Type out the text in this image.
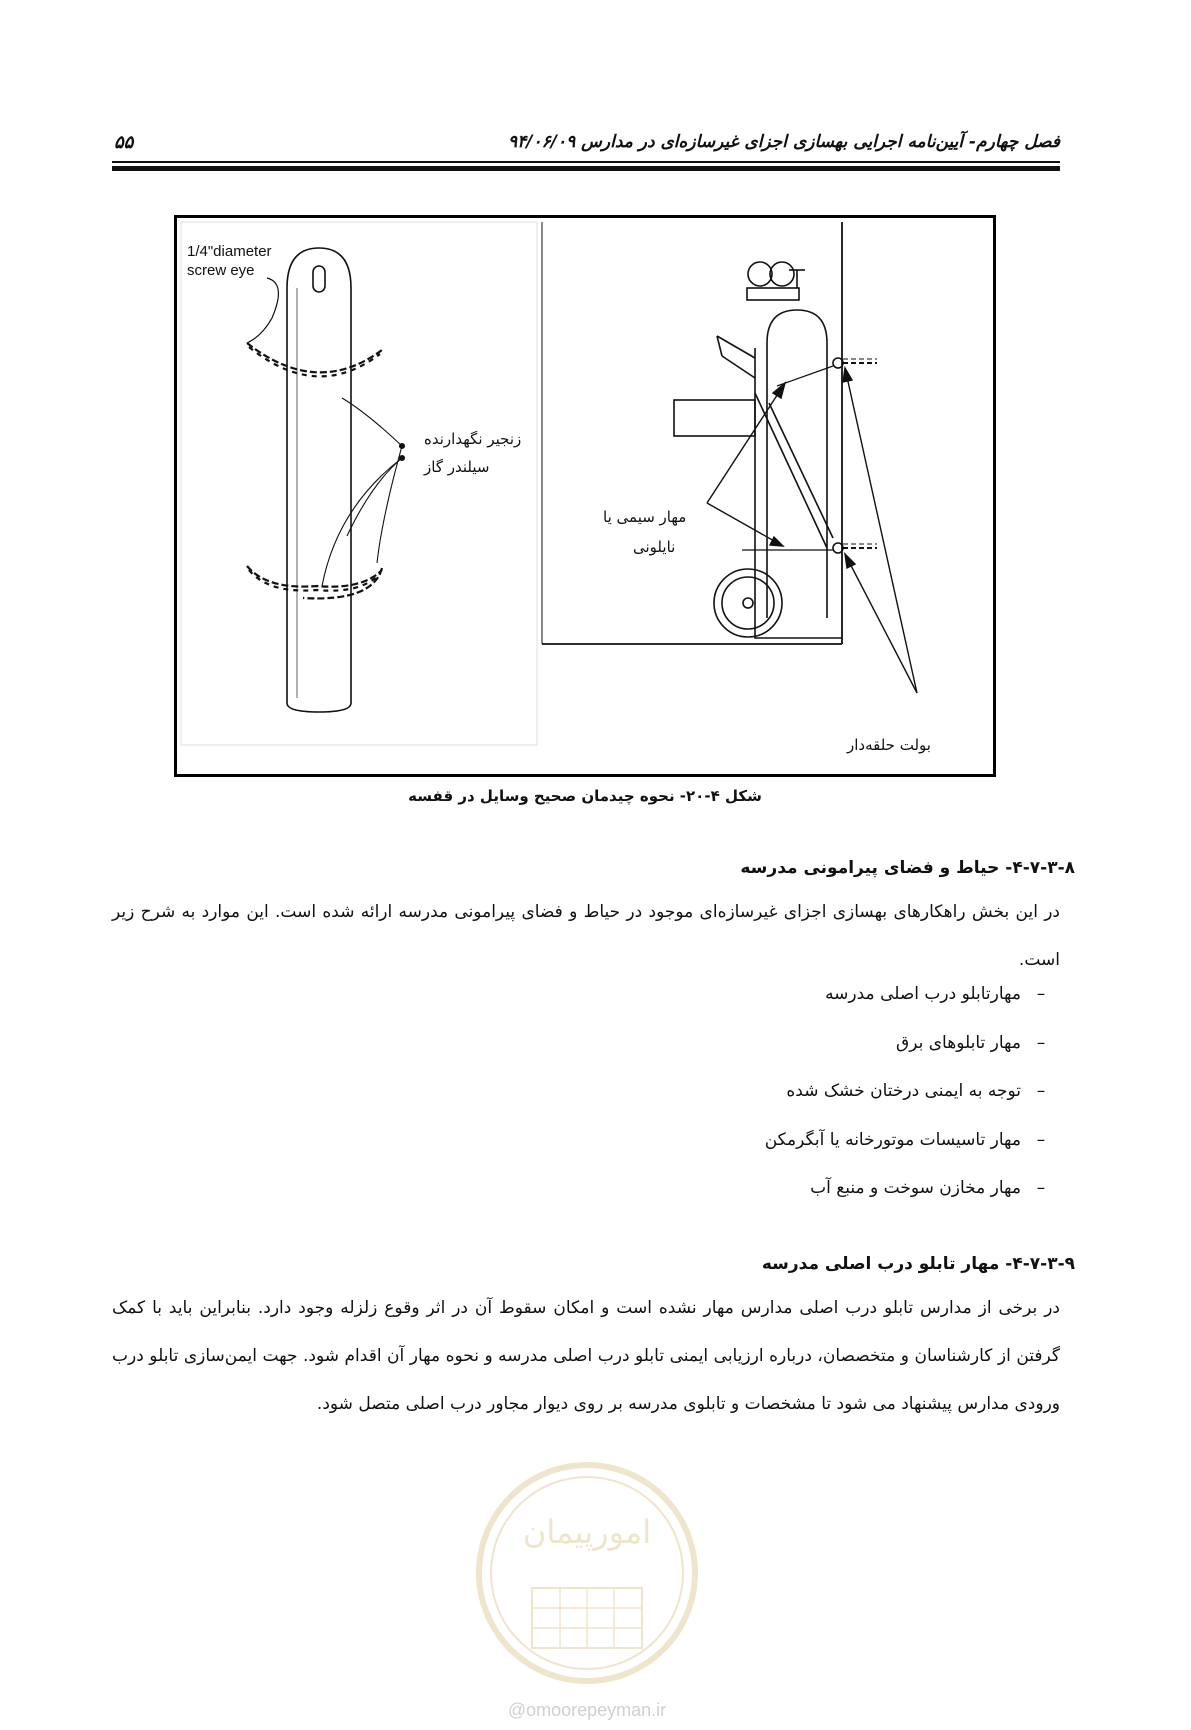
فصل چهارم- آیین‌نامه اجرایی بهسازی اجزای غیرسازه‌ای در مدارس ۹۴/۰۶/۰۹
۵۵
1/4"diameter
screw eye
زنجیر نگهدارنده
سیلندر گاز
مهار سیمی یا
نایلونی
بولت حلقه‌دار
شکل ۴-۲۰- نحوه چیدمان صحیح وسایل در قفسه
۴-۷-۳-۸- حیاط و فضای پیرامونی مدرسه
در این بخش راهکارهای بهسازی اجزای غیرسازه‌ای موجود در حیاط و فضای پیرامونی مدرسه ارائه شده است. این موارد به شرح زیر است.
–مهارتابلو درب اصلی مدرسه
–مهار تابلوهای برق
–توجه به ایمنی درختان خشک شده
–مهار تاسیسات موتورخانه یا آبگرمکن
–مهار مخازن سوخت و منبع آب
۴-۷-۳-۹- مهار تابلو درب اصلی مدرسه
در برخی از مدارس تابلو درب اصلی مدارس مهار نشده است و امکان سقوط آن در اثر وقوع زلزله وجود دارد. بنابراین باید با کمک گرفتن از کارشناسان و متخصصان، درباره ارزیابی ایمنی تابلو درب اصلی مدرسه و نحوه مهار آن اقدام شود. جهت ایمن‌سازی تابلو درب ورودی مدارس پیشنهاد می شود تا مشخصات و تابلوی مدرسه بر روی دیوار مجاور درب اصلی متصل شود.
امورپیمان
@omoorepeyman.ir
